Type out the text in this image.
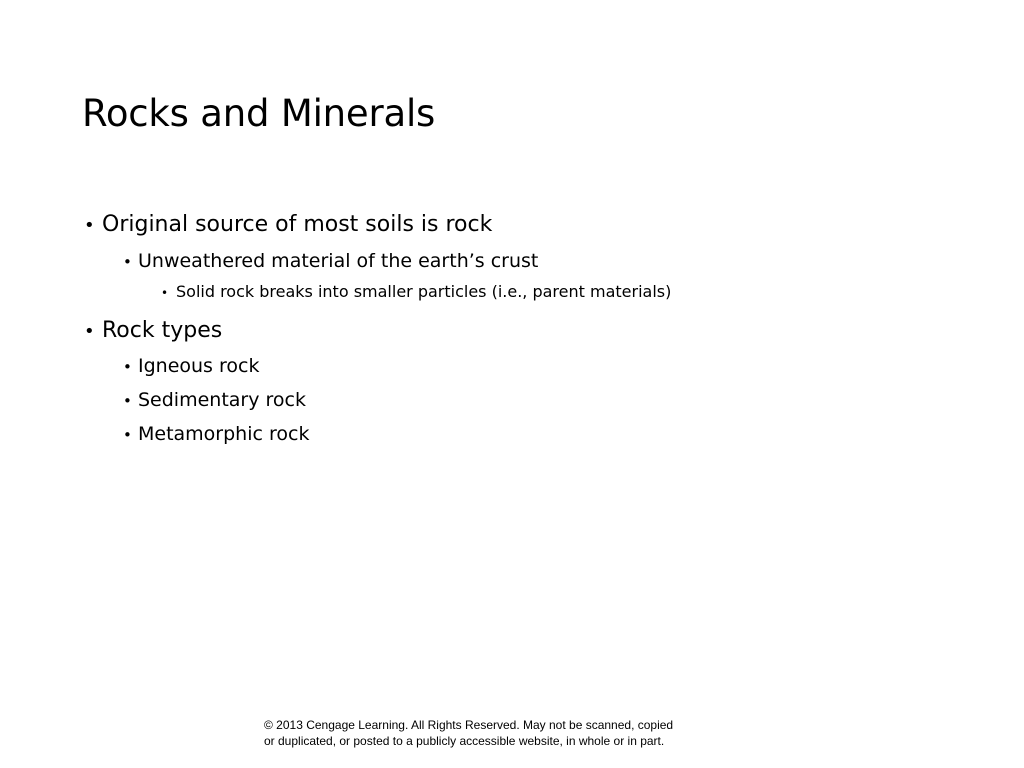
Rocks and Minerals
• Original source of most soils is rock
• Unweathered material of the earth’s crust
• Solid rock breaks into smaller particles (i.e., parent materials)
• Rock types
• Igneous rock
• Sedimentary rock
• Metamorphic rock

© 2013 Cengage Learning. All Rights Reserved. May not be scanned, copied
or duplicated, or posted to a publicly accessible website, in whole or in part.
